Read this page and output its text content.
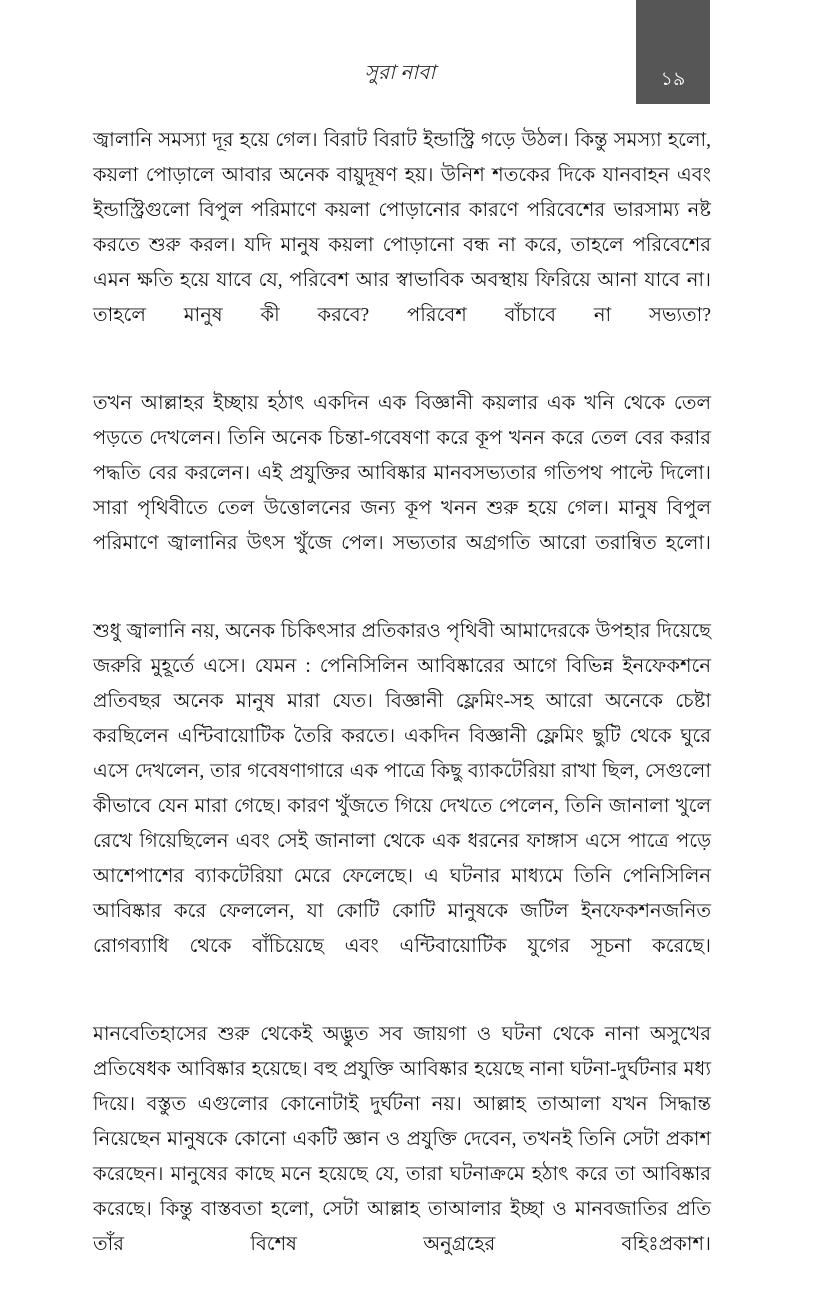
সুরা নাবা	১৯

জ্বালানি সমস্যা দূর হয়ে গেল। বিরাট বিরাট ইন্ডাস্ট্রি গড়ে উঠল। কিন্তু সমস্যা হলো, কয়লা পোড়ালে আবার অনেক বায়ুদূষণ হয়। উনিশ শতকের দিকে যানবাহন এবং ইন্ডাস্ট্রিগুলো বিপুল পরিমাণে কয়লা পোড়ানোর কারণে পরিবেশের ভারসাম্য নষ্ট করতে শুরু করল। যদি মানুষ কয়লা পোড়ানো বন্ধ না করে, তাহলে পরিবেশের এমন ক্ষতি হয়ে যাবে যে, পরিবেশ আর স্বাভাবিক অবস্থায় ফিরিয়ে আনা যাবে না। তাহলে মানুষ কী করবে? পরিবেশ বাঁচাবে না সভ্যতা?

তখন আল্লাহর ইচ্ছায় হঠাৎ একদিন এক বিজ্ঞানী কয়লার এক খনি থেকে তেল পড়তে দেখলেন। তিনি অনেক চিন্তা-গবেষণা করে কূপ খনন করে তেল বের করার পদ্ধতি বের করলেন। এই প্রযুক্তির আবিষ্কার মানবসভ্যতার গতিপথ পাল্টে দিলো। সারা পৃথিবীতে তেল উত্তোলনের জন্য কূপ খনন শুরু হয়ে গেল। মানুষ বিপুল পরিমাণে জ্বালানির উৎস খুঁজে পেল। সভ্যতার অগ্রগতি আরো তরান্বিত হলো।

শুধু জ্বালানি নয়, অনেক চিকিৎসার প্রতিকারও পৃথিবী আমাদেরকে উপহার দিয়েছে জরুরি মুহূর্তে এসে। যেমন : পেনিসিলিন আবিষ্কারের আগে বিভিন্ন ইনফেকশনে প্রতিবছর অনেক মানুষ মারা যেত। বিজ্ঞানী ফ্লেমিং-সহ আরো অনেকে চেষ্টা করছিলেন এন্টিবায়োটিক তৈরি করতে। একদিন বিজ্ঞানী ফ্লেমিং ছুটি থেকে ঘুরে এসে দেখলেন, তার গবেষণাগারে এক পাত্রে কিছু ব্যাকটেরিয়া রাখা ছিল, সেগুলো কীভাবে যেন মারা গেছে। কারণ খুঁজতে গিয়ে দেখতে পেলেন, তিনি জানালা খুলে রেখে গিয়েছিলেন এবং সেই জানালা থেকে এক ধরনের ফাঙ্গাস এসে পাত্রে পড়ে আশেপাশের ব্যাকটেরিয়া মেরে ফেলেছে। এ ঘটনার মাধ্যমে তিনি পেনিসিলিন আবিষ্কার করে ফেললেন, যা কোটি কোটি মানুষকে জটিল ইনফেকশনজনিত রোগব্যাধি থেকে বাঁচিয়েছে এবং এন্টিবায়োটিক যুগের সূচনা করেছে।

মানবেতিহাসের শুরু থেকেই অদ্ভুত সব জায়গা ও ঘটনা থেকে নানা অসুখের প্রতিষেধক আবিষ্কার হয়েছে। বহু প্রযুক্তি আবিষ্কার হয়েছে নানা ঘটনা-দুর্ঘটনার মধ্য দিয়ে। বস্তুত এগুলোর কোনোটাই দুর্ঘটনা নয়। আল্লাহ তাআলা যখন সিদ্ধান্ত নিয়েছেন মানুষকে কোনো একটি জ্ঞান ও প্রযুক্তি দেবেন, তখনই তিনি সেটা প্রকাশ করেছেন। মানুষের কাছে মনে হয়েছে যে, তারা ঘটনাক্রমে হঠাৎ করে তা আবিষ্কার করেছে। কিন্তু বাস্তবতা হলো, সেটা আল্লাহ তাআলার ইচ্ছা ও মানবজাতির প্রতি তাঁর বিশেষ অনুগ্রহের বহিঃপ্রকাশ।
